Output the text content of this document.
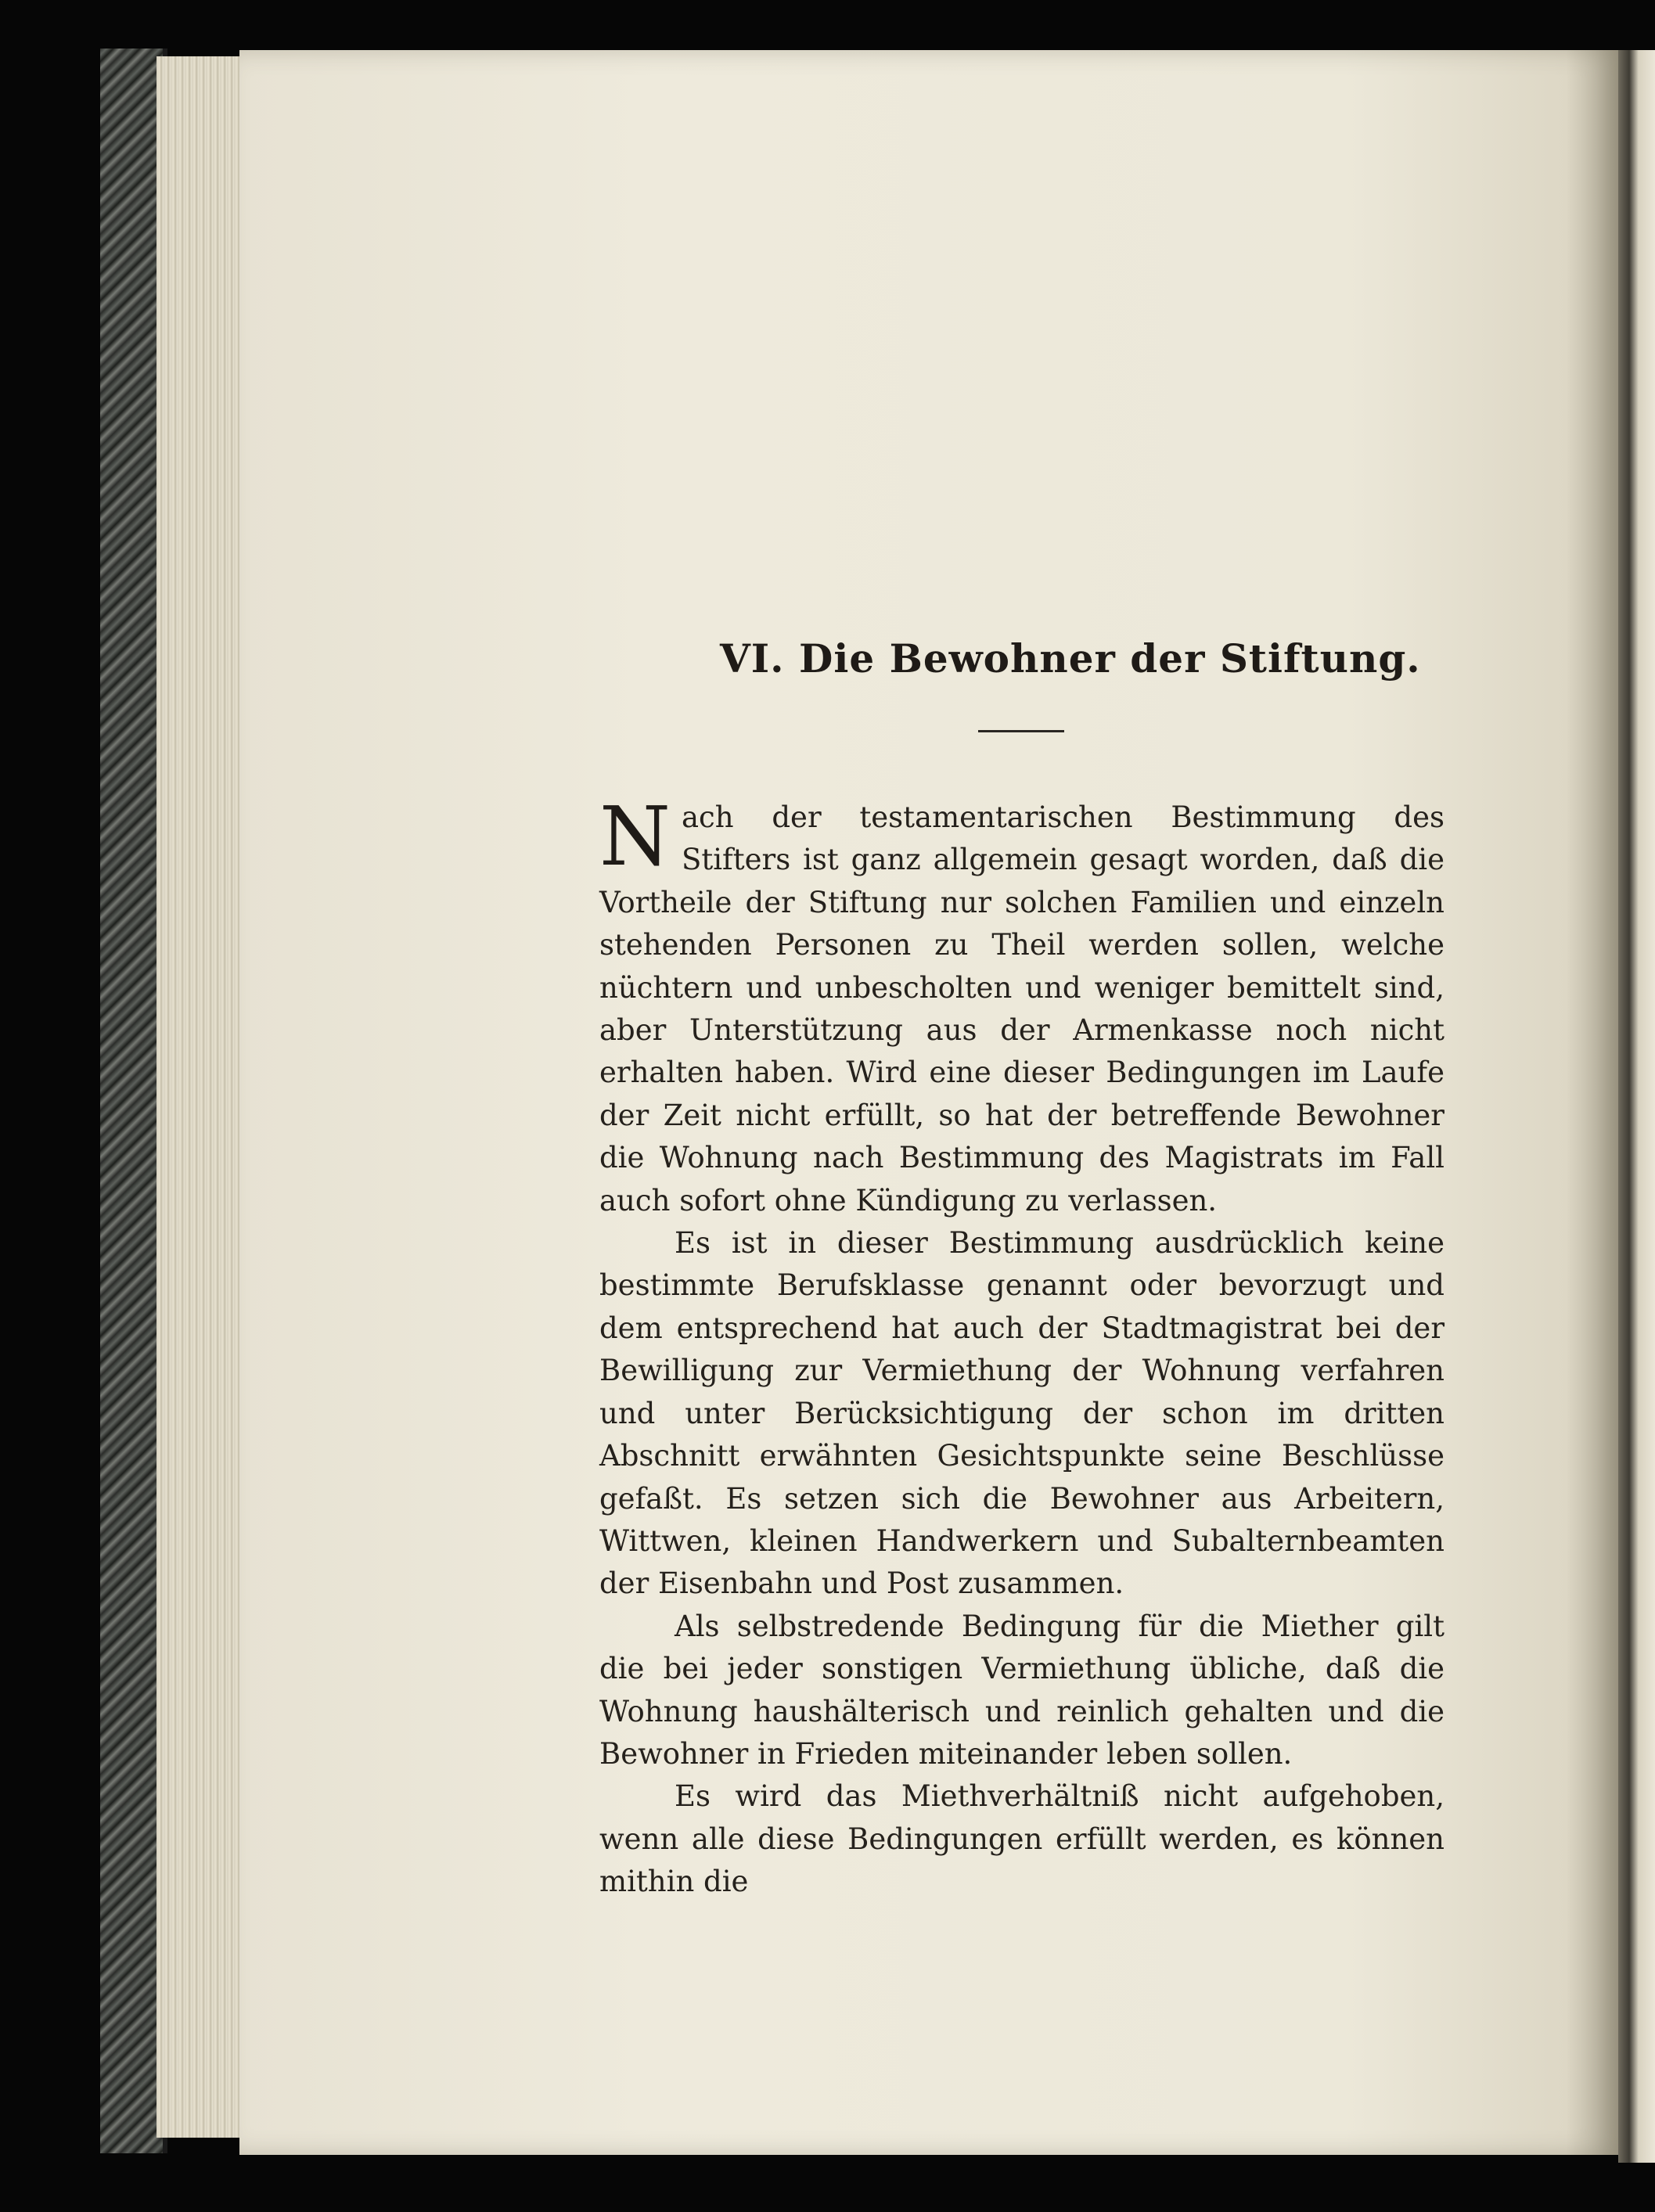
VI. Die Bewohner der Stiftung.

Nach der testamentarischen Bestimmung des Stifters ist ganz allgemein gesagt worden, daß die Vortheile der Stiftung nur solchen Familien und einzeln stehenden Personen zu Theil werden sollen, welche nüchtern und unbescholten und weniger bemittelt sind, aber Unterstützung aus der Armenkasse noch nicht erhalten haben. Wird eine dieser Bedingungen im Laufe der Zeit nicht erfüllt, so hat der betreffende Bewohner die Wohnung nach Bestimmung des Magistrats im Fall auch sofort ohne Kündigung zu verlassen.

Es ist in dieser Bestimmung ausdrücklich keine bestimmte Berufsklasse genannt oder bevorzugt und dem entsprechend hat auch der Stadtmagistrat bei der Bewilligung zur Vermiethung der Wohnung verfahren und unter Berücksichtigung der schon im dritten Abschnitt erwähnten Gesichtspunkte seine Beschlüsse gefaßt. Es setzen sich die Bewohner aus Arbeitern, Wittwen, kleinen Handwerkern und Subalternbeamten der Eisenbahn und Post zusammen.

Als selbstredende Bedingung für die Miether gilt die bei jeder sonstigen Vermiethung übliche, daß die Wohnung haushälterisch und reinlich gehalten und die Bewohner in Frieden miteinander leben sollen.

Es wird das Miethverhältniß nicht aufgehoben, wenn alle diese Bedingungen erfüllt werden, es können mithin die
